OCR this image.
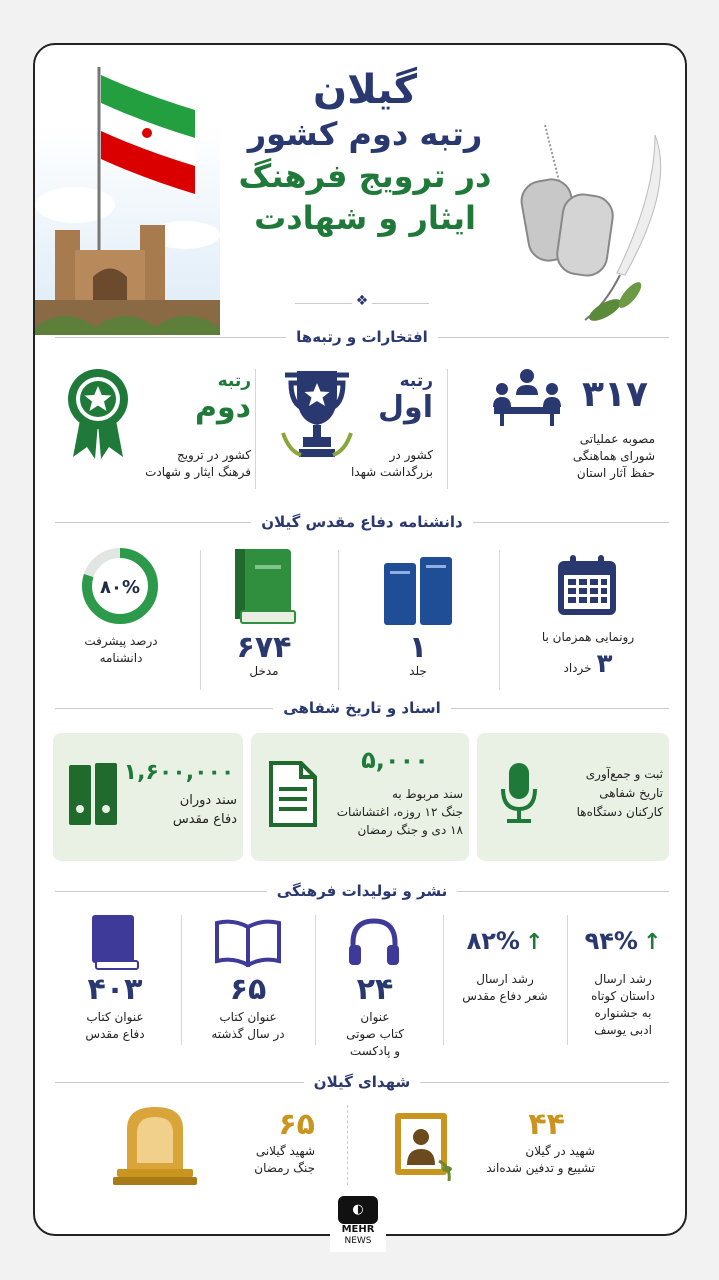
گیلان
رتبه دوم کشور
در ترویج فرهنگ
ایثار و شهادت
❖
افتخارات و رتبه‌ها
رتبه
دوم
کشور در ترویج
فرهنگ ایثار و شهادت
رتبه
اول
کشور در
بزرگداشت شهدا
۳۱۷
مصوبه عملیاتی
شورای هماهنگی
حفظ آثار استان
دانشنامه دفاع مقدس گیلان
۸۰%
درصد پیشرفت
دانشنامه	۶۷۴
مدخل
۱
جلد
رونمایی همزمان با
۳ خرداد
اسناد و تاریخ شفاهی
۱,۶۰۰,۰۰۰
سند دوران
دفاع مقدس
۵,۰۰۰
سند مربوط به
جنگ ۱۲ روزه، اغتشاشات
۱۸ دی و جنگ رمضان
ثبت و جمع‌آوری
تاریخ شفاهی
کارکنان دستگاه‌ها
نشر و تولیدات فرهنگی
۴۰۳
عنوان کتاب
دفاع مقدس
۶۵
عنوان کتاب
در سال گذشته
۲۴
عنوان
کتاب صوتی
و پادکست
۸۲% ↑
رشد ارسال
شعر دفاع مقدس
۹۴% ↑
رشد ارسال
داستان کوتاه
به جشنواره
ادبی یوسف
شهدای گیلان
۶۵
شهید گیلانی
جنگ رمضان
۴۴
شهید در گیلان
تشییع و تدفین شده‌اند
◐
MEHR
NEWS
